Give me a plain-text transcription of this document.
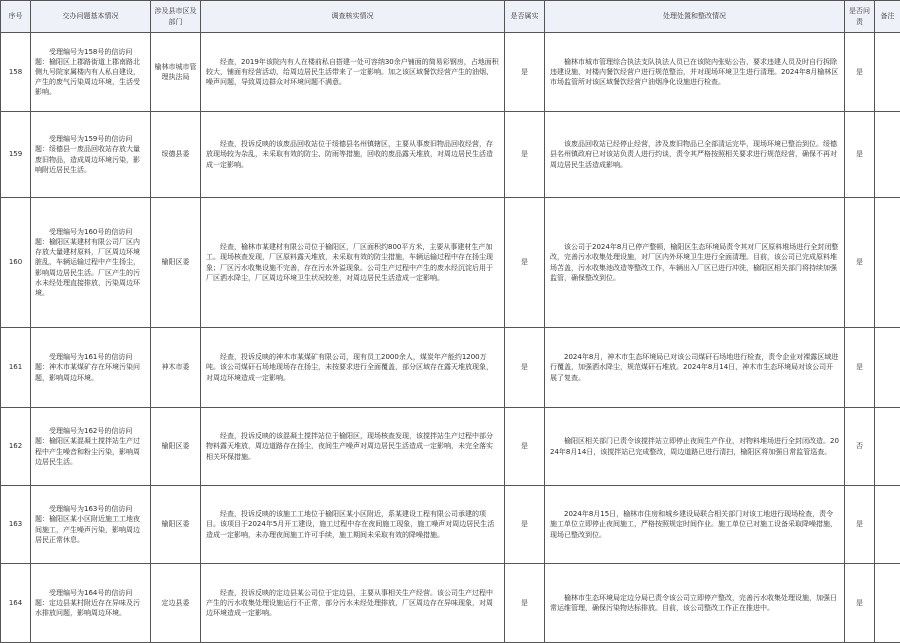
序号	交办问题基本情况	涉及县市区及部门	调查核实情况	是否属实	处理处置和整改情况	是否问责	备注
158	受理编号为158号的信访问题：榆阳区上郡路街道上郡南路北侧九号院家属楼内有人私自建设，产生的废气污染周边环境，生活受影响。	榆林市城市管理执法局	经查，2019年该院内有人在楼前私自搭建一处可容纳30余户铺面的简易彩钢房，占地面积较大，铺面有经营活动，给周边居民生活带来了一定影响。加之该区域餐饮经营产生的油烟、噪声问题，导致周边群众对环境问题不满意。	是	榆林市城市管理综合执法支队执法人员已在该院内张贴公告，要求违建人员及时自行拆除违建设施，对楼内餐饮经营户进行规范整治，并对现场环境卫生进行清理。2024年8月榆林区市场监管所对该区域餐饮经营户油烟净化设施进行检查。	是	
159	受理编号为159号的信访问题：绥德县一废品回收站存放大量废旧物品，造成周边环境污染，影响附近居民生活。	绥德县委	经查，投诉反映的该废品回收站位于绥德县名州镇辖区，主要从事废旧物品回收经营，存放现场较为杂乱，未采取有效的防尘、防雨等措施，回收的废品露天堆放，对周边居民生活造成一定影响。	是	该废品回收站已经停止经营，涉及废旧物品已全部清运完毕，现场环境已整治到位。绥德县名州镇政府已对该站负责人进行约谈，责令其严格按照相关要求进行规范经营，确保不再对周边居民生活造成影响。	是	
160	受理编号为160号的信访问题：榆阳区某建材有限公司厂区内存放大量建材原料，厂区周边环境脏乱，车辆运输过程中产生扬尘，影响周边居民生活。厂区产生的污水未经处理直接排放，污染周边环境。	榆阳区委	经查，榆林市某建材有限公司位于榆阳区，厂区面积约800平方米，主要从事建材生产加工。现场核查发现，厂区原料露天堆放，未采取有效的防尘措施，车辆运输过程中存在扬尘现象；厂区污水收集设施不完善，存在污水外溢现象。公司生产过程中产生的废水经沉淀后用于厂区洒水降尘，厂区周边环境卫生状况较差，对周边居民生活造成一定影响。	是	该公司于2024年8月已停产整顿，榆阳区生态环境局责令其对厂区原料堆场进行全封闭整改，完善污水收集处理设施，对厂区内外环境卫生进行全面清理。目前，该公司已完成原料堆场苫盖，污水收集池改造等整改工作，车辆出入厂区已进行冲洗，榆阳区相关部门将持续加强监管，确保整改到位。	是	
161	受理编号为161号的信访问题：神木市某煤矿存在环境污染问题，影响周边环境。	神木市委	经查，投诉反映的神木市某煤矿有限公司，现有员工2000余人，煤炭年产能约1200万吨。该公司煤矸石场地现场存在扬尘，未按要求进行全面覆盖，部分区域存在露天堆放现象，对周边环境造成一定影响。	是	2024年8月，神木市生态环境局已对该公司煤矸石场地进行检查，责令企业对裸露区域进行覆盖，加强洒水降尘，规范煤矸石堆放。2024年8月14日，神木市生态环境局对该公司开展了复查。	是	
162	受理编号为162号的信访问题：榆阳区某混凝土搅拌站生产过程中产生噪音和粉尘污染，影响周边居民生活。	榆阳区委	经查，投诉反映的该混凝土搅拌站位于榆阳区，现场核查发现，该搅拌站生产过程中部分物料露天堆放，周边道路存在扬尘，夜间生产噪声对周边居民生活造成一定影响，未完全落实相关环保措施。	是	榆阳区相关部门已责令该搅拌站立即停止夜间生产作业，对物料堆场进行全封闭改造。2024年8月14日，该搅拌站已完成整改，周边道路已进行清扫，榆阳区将加强日常监管巡查。	否	
163	受理编号为163号的信访问题：榆阳区某小区附近施工工地夜间施工，产生噪声污染，影响周边居民正常休息。	榆阳区委	经查，投诉反映的该施工工地位于榆阳区某小区附近，系某建设工程有限公司承建的项目。该项目于2024年5月开工建设，施工过程中存在夜间施工现象，施工噪声对周边居民生活造成一定影响，未办理夜间施工许可手续，施工期间未采取有效的降噪措施。	是	2024年8月15日，榆林市住房和城乡建设局联合相关部门对该工地进行现场检查，责令施工单位立即停止夜间施工，严格按照规定时间作业。施工单位已对施工设备采取降噪措施，现场已整改到位。	是	
164	受理编号为164号的信访问题：定边县某村附近存在异味及污水排放问题，影响周边环境。	定边县委	经查，投诉反映的定边县某公司位于定边县，主要从事相关生产经营。该公司生产过程中产生的污水收集处理设施运行不正常，部分污水未经处理排放，厂区周边存在异味现象，对周边环境造成一定影响。	是	榆林市生态环境局定边分局已责令该公司立即停产整改，完善污水收集处理设施，加强日常运维管理，确保污染物达标排放。目前，该公司整改工作正在推进中。	是	
